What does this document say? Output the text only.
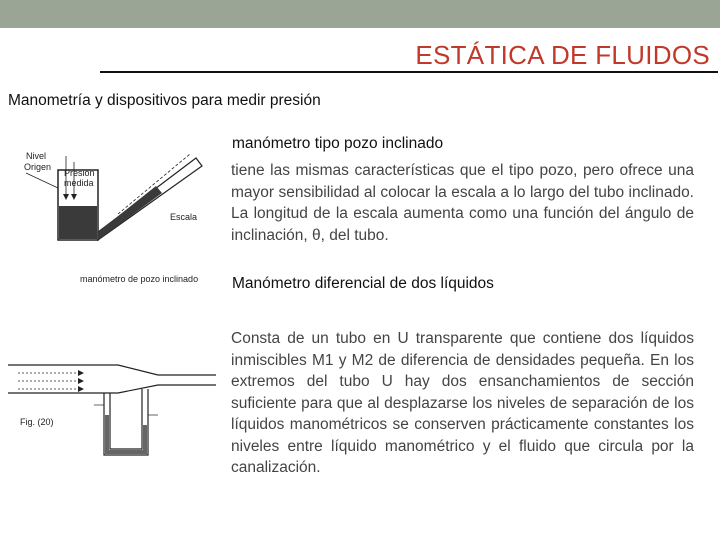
ESTÁTICA DE FLUIDOS
Manometría y dispositivos para medir presión
manómetro tipo pozo inclinado
tiene las mismas características que el tipo pozo, pero ofrece una mayor sensibilidad al colocar la escala a lo largo del tubo inclinado. La longitud de la escala aumenta como una función del ángulo de inclinación, θ, del tubo.
Nivel
Origen
Presión
medida
Escala
manómetro de pozo inclinado Manómetro diferencial de dos líquidos
Consta de un tubo en U transparente que contiene dos líquidos inmiscibles M1 y M2 de diferencia de densidades pequeña. En los extremos del tubo U hay dos ensanchamientos de sección suficiente para que al desplazarse los niveles de separación de los líquidos manométricos se conserven prácticamente constantes los niveles entre líquido manométrico y el fluido que circula por la canalización.
Fig. (20)
